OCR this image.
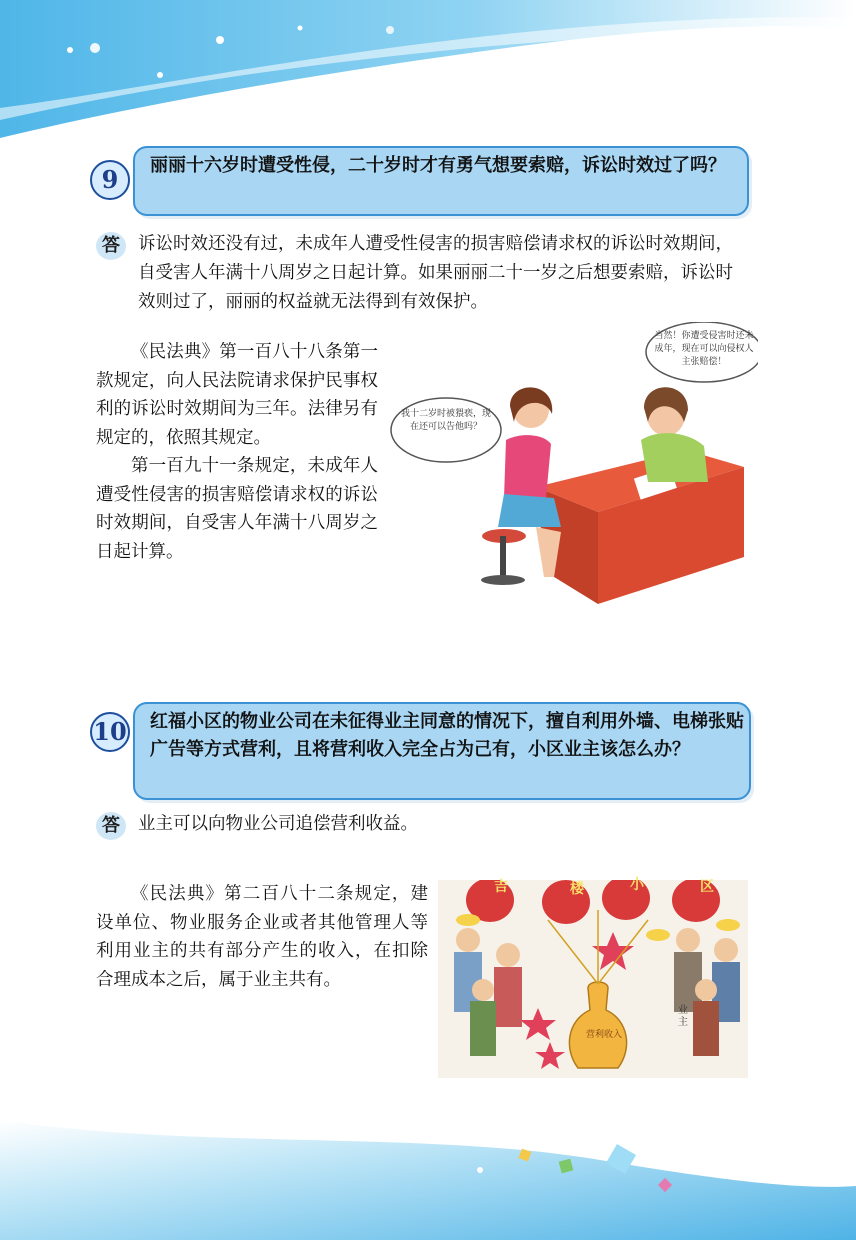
9	丽丽十六岁时遭受性侵，二十岁时才有勇气想要索赔，诉讼时效过了吗？
答	诉讼时效还没有过，未成年人遭受性侵害的损害赔偿请求权的诉讼时效期间，自受害人年满十八周岁之日起计算。如果丽丽二十一岁之后想要索赔，诉讼时效则过了，丽丽的权益就无法得到有效保护。

《民法典》第一百八十八条第一款规定，向人民法院请求保护民事权利的诉讼时效期间为三年。法律另有规定的，依照其规定。

第一百九十一条规定，未成年人遭受性侵害的损害赔偿请求权的诉讼时效期间，自受害人年满十八周岁之日起计算。

我十二岁时被猥亵，现在还可以告他吗？
当然！你遭受侵害时还未成年，现在可以向侵权人主张赔偿！
10 红福小区的物业公司在未征得业主同意的情况下，擅自利用外墙、电梯张贴广告等方式营利，且将营利收入完全占为己有，小区业主该怎么办？
答	业主可以向物业公司追偿营利收益。

《民法典》第二百八十二条规定，建设单位、物业服务企业或者其他管理人等利用业主的共有部分产生的收入，在扣除合理成本之后，属于业主共有。

吉	楼	小	区
营利收入
业主
